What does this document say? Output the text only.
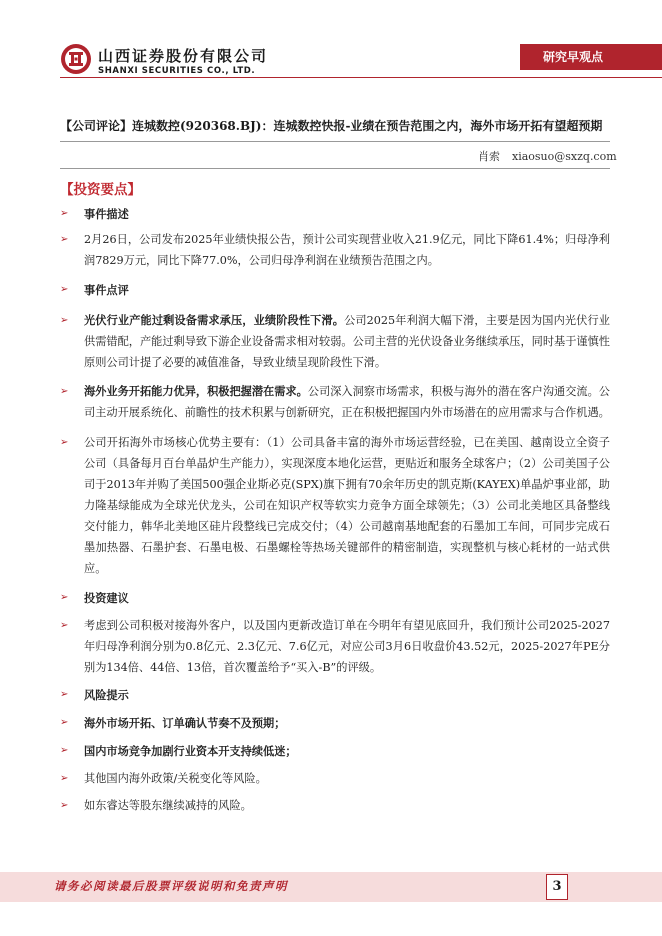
山西证券股份有限公司
SHANXI SECURITIES CO., LTD.
研究早观点
【公司评论】连城数控(920368.BJ)：连城数控快报-业绩在预告范围之内，海外市场开拓有望超预期
肖索 xiaosuo@sxzq.com
【投资要点】
➢ 事件描述

➢ 2月26日，公司发布2025年业绩快报公告，预计公司实现营业收入21.9亿元，同比下降61.4%；归母净利润7829万元，同比下降77.0%，公司归母净利润在业绩预告范围之内。

➢ 事件点评

➢ 光伏行业产能过剩设备需求承压，业绩阶段性下滑。公司2025年利润大幅下滑，主要是因为国内光伏行业供需错配，产能过剩导致下游企业设备需求相对较弱。公司主营的光伏设备业务继续承压，同时基于谨慎性原则公司计提了必要的减值准备，导致业绩呈现阶段性下滑。

➢ 海外业务开拓能力优异，积极把握潜在需求。公司深入洞察市场需求，积极与海外的潜在客户沟通交流。公司主动开展系统化、前瞻性的技术积累与创新研究，正在积极把握国内外市场潜在的应用需求与合作机遇。

➢ 公司开拓海外市场核心优势主要有：（1）公司具备丰富的海外市场运营经验，已在美国、越南设立全资子公司（具备每月百台单晶炉生产能力），实现深度本地化运营，更贴近和服务全球客户；（2）公司美国子公司于2013年并购了美国500强企业斯必克(SPX)旗下拥有70余年历史的凯克斯(KAYEX)单晶炉事业部，助力隆基绿能成为全球光伏龙头，公司在知识产权等软实力竞争方面全球领先；（3）公司北美地区具备整线交付能力，韩华北美地区硅片段整线已完成交付；（4）公司越南基地配套的石墨加工车间，可同步完成石墨加热器、石墨护套、石墨电极、石墨螺栓等热场关键部件的精密制造，实现整机与核心耗材的一站式供应。

➢ 投资建议

➢ 考虑到公司积极对接海外客户，以及国内更新改造订单在今明年有望见底回升，我们预计公司2025-2027年归母净利润分别为0.8亿元、2.3亿元、7.6亿元，对应公司3月6日收盘价43.52元，2025-2027年PE分别为134倍、44倍、13倍，首次覆盖给予“买入-B”的评级。

➢ 风险提示

➢ 海外市场开拓、订单确认节奏不及预期；

➢ 国内市场竞争加剧行业资本开支持续低迷；

➢ 其他国内海外政策/关税变化等风险。

➢ 如东睿达等股东继续减持的风险。

请务必阅读最后股票评级说明和免责声明	3
